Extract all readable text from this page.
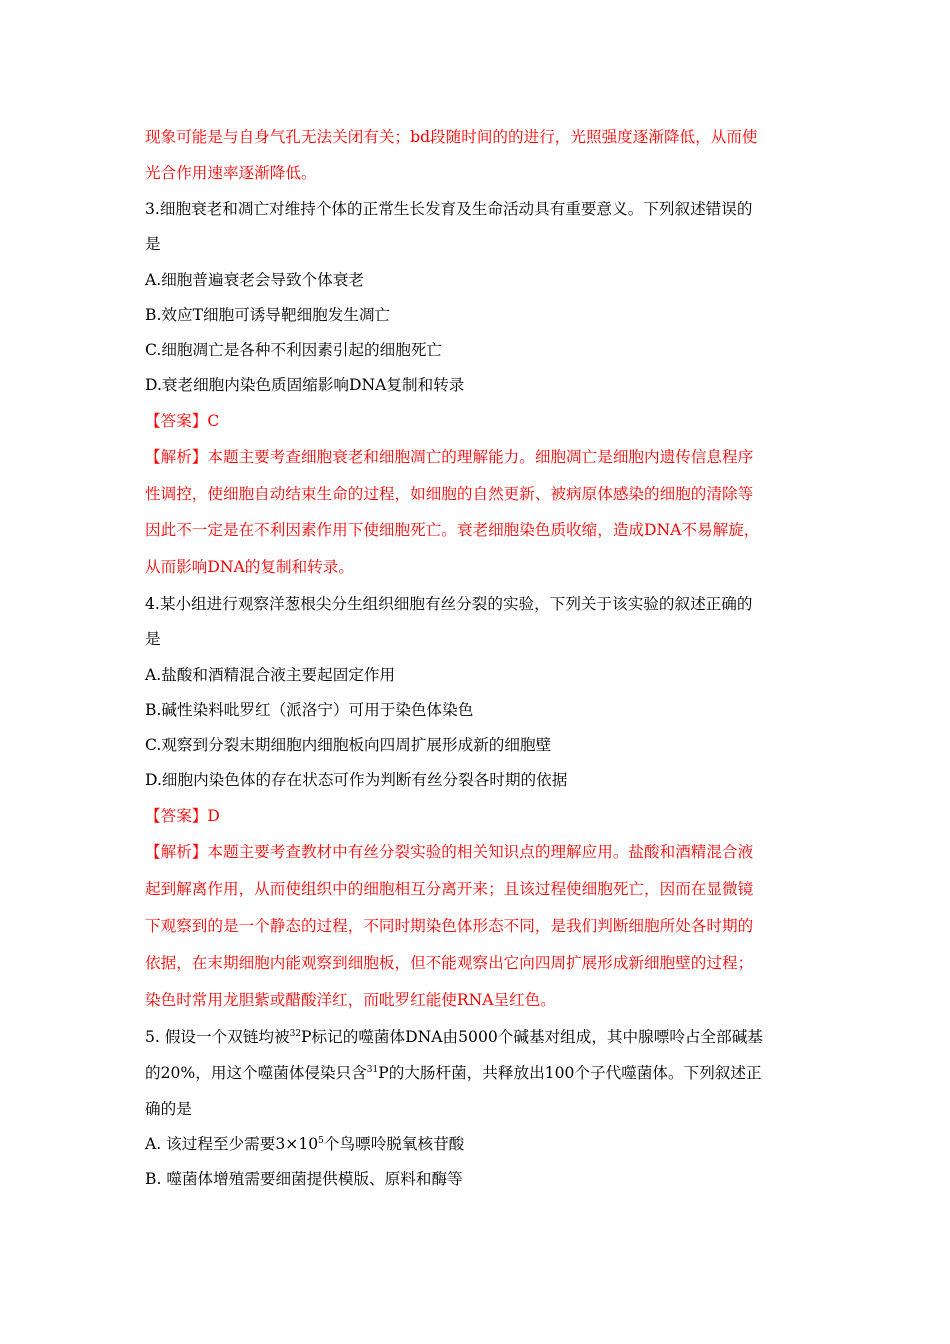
现象可能是与自身气孔无法关闭有关；bd段随时间的的进行，光照强度逐渐降低，从而使
光合作用速率逐渐降低。
3.细胞衰老和凋亡对维持个体的正常生长发育及生命活动具有重要意义。下列叙述错误的
是
A.细胞普遍衰老会导致个体衰老
B.效应T细胞可诱导靶细胞发生凋亡
C.细胞凋亡是各种不利因素引起的细胞死亡
D.衰老细胞内染色质固缩影响DNA复制和转录
【答案】C
【解析】本题主要考查细胞衰老和细胞凋亡的理解能力。细胞凋亡是细胞内遗传信息程序
性调控，使细胞自动结束生命的过程，如细胞的自然更新、被病原体感染的细胞的清除等
因此不一定是在不利因素作用下使细胞死亡。衰老细胞染色质收缩，造成DNA不易解旋，
从而影响DNA的复制和转录。
4.某小组进行观察洋葱根尖分生组织细胞有丝分裂的实验，下列关于该实验的叙述正确的
是
A.盐酸和酒精混合液主要起固定作用
B.碱性染料吡罗红（派洛宁）可用于染色体染色
C.观察到分裂末期细胞内细胞板向四周扩展形成新的细胞壁
D.细胞内染色体的存在状态可作为判断有丝分裂各时期的依据
【答案】D
【解析】本题主要考查教材中有丝分裂实验的相关知识点的理解应用。盐酸和酒精混合液
起到解离作用，从而使组织中的细胞相互分离开来；且该过程使细胞死亡，因而在显微镜
下观察到的是一个静态的过程，不同时期染色体形态不同，是我们判断细胞所处各时期的
依据，在末期细胞内能观察到细胞板，但不能观察出它向四周扩展形成新细胞壁的过程；
染色时常用龙胆紫或醋酸洋红，而吡罗红能使RNA呈红色。
5. 假设一个双链均被$^{32}$P标记的噬菌体DNA由5000个碱基对组成，其中腺嘌呤占全部碱基
的20%，用这个噬菌体侵染只含$^{31}$P的大肠杆菌，共释放出100个子代噬菌体。下列叙述正
确的是
A. 该过程至少需要$3\times 10^5$个鸟嘌呤脱氧核苷酸
B. 噬菌体增殖需要细菌提供模版、原料和酶等
